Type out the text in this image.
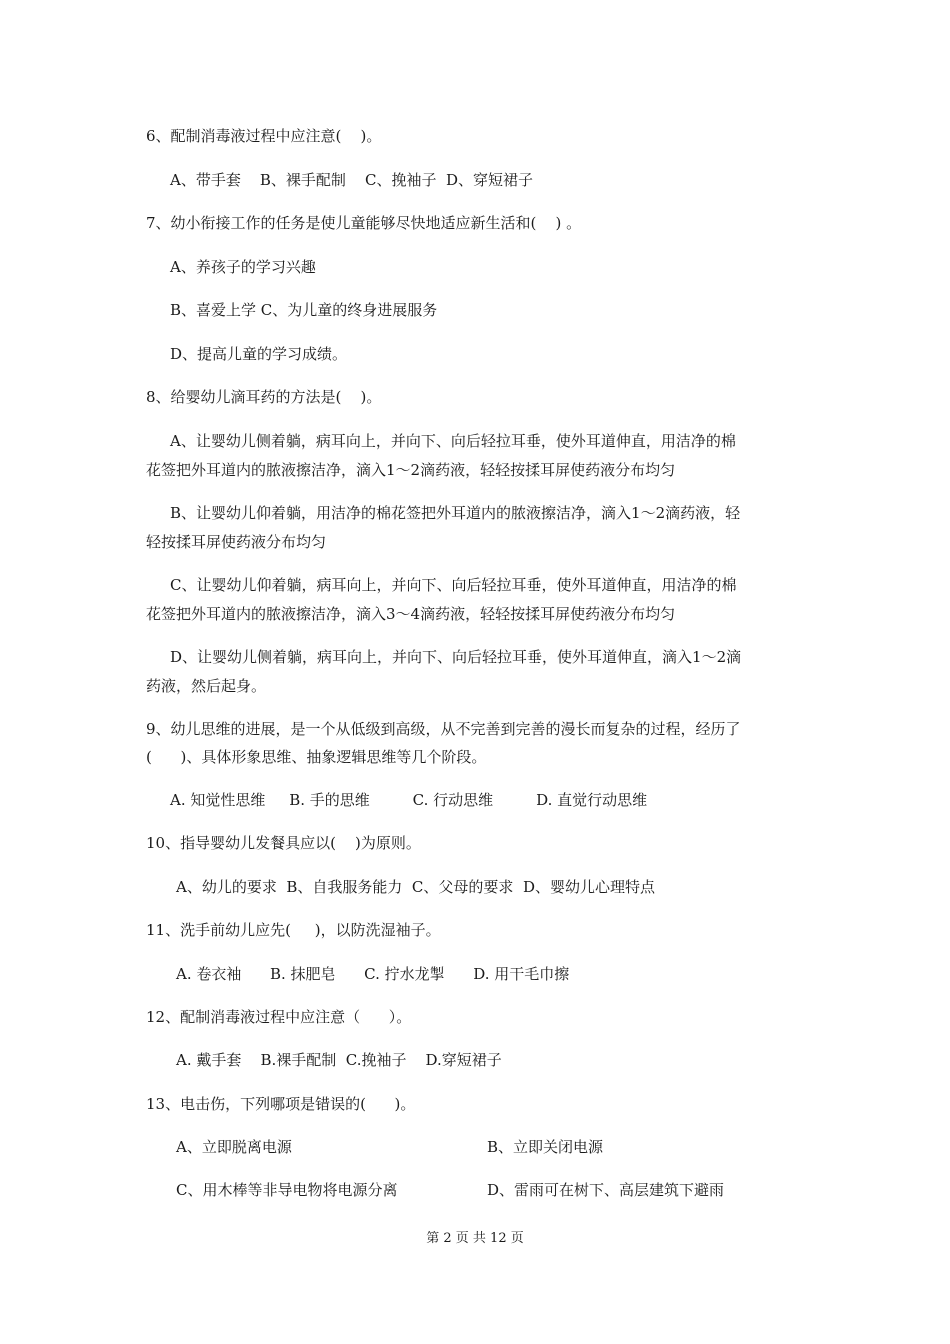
6、配制消毒液过程中应注意(    )。
A、带手套    B、裸手配制    C、挽袖子  D、穿短裙子
7、幼小衔接工作的任务是使儿童能够尽快地适应新生活和(    ) 。
A、养孩子的学习兴趣
B、喜爱上学 C、为儿童的终身进展服务
D、提高儿童的学习成绩。
8、给婴幼儿滴耳药的方法是(    )。
A、让婴幼儿侧着躺，病耳向上，并向下、向后轻拉耳垂，使外耳道伸直，用洁净的棉
花签把外耳道内的脓液擦洁净，滴入1～2滴药液，轻轻按揉耳屏使药液分布均匀
B、让婴幼儿仰着躺，用洁净的棉花签把外耳道内的脓液擦洁净，滴入1～2滴药液，轻
轻按揉耳屏使药液分布均匀
C、让婴幼儿仰着躺，病耳向上，并向下、向后轻拉耳垂，使外耳道伸直，用洁净的棉
花签把外耳道内的脓液擦洁净，滴入3～4滴药液，轻轻按揉耳屏使药液分布均匀
D、让婴幼儿侧着躺，病耳向上，并向下、向后轻拉耳垂，使外耳道伸直，滴入1～2滴
药液，然后起身。
9、幼儿思维的进展，是一个从低级到高级，从不完善到完善的漫长而复杂的过程，经历了
(      )、具体形象思维、抽象逻辑思维等几个阶段。
A. 知觉性思维     B. 手的思维         C. 行动思维         D. 直觉行动思维
10、指导婴幼儿发餐具应以(    )为原则。
A、幼儿的要求  B、自我服务能力  C、父母的要求  D、婴幼儿心理特点
11、洗手前幼儿应先(     )，以防洗湿袖子。
A. 卷衣袖      B. 抹肥皂      C. 拧水龙掣      D. 用干毛巾擦
12、配制消毒液过程中应注意（      ）。
A. 戴手套    B.裸手配制  C.挽袖子    D.穿短裙子
13、电击伤，下列哪项是错误的(      )。
A、立即脱离电源	B、立即关闭电源
C、用木棒等非导电物将电源分离	D、雷雨可在树下、高层建筑下避雨
第 2 页 共 12 页
